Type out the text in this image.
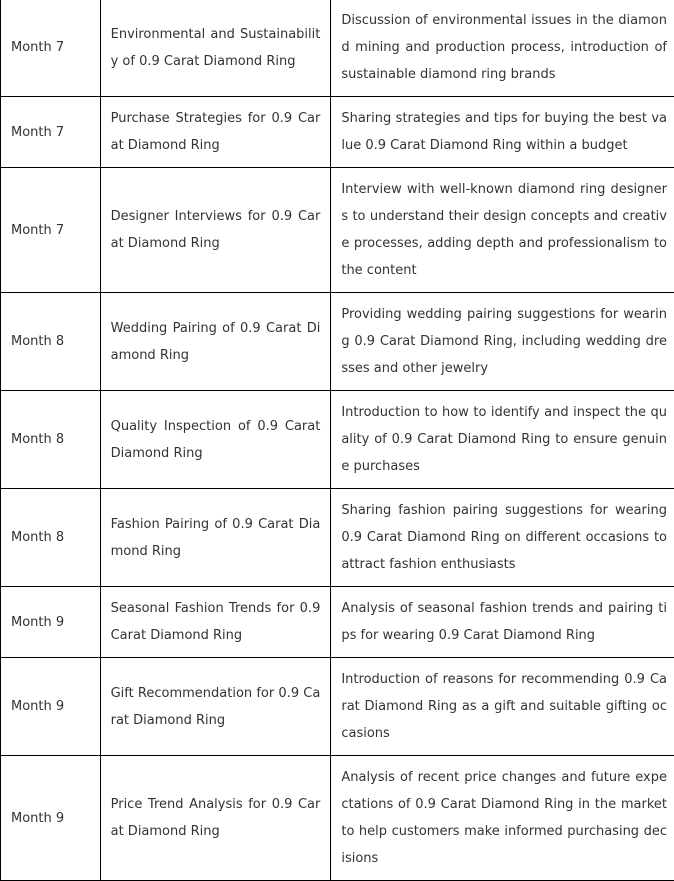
Month 7	Environmental and Sustainability of 0.9 Carat Diamond Ring	Discussion of environmental issues in the diamond mining and production process, introduction of sustainable diamond ring brands
Month 7	Purchase Strategies for 0.9 Carat Diamond Ring	Sharing strategies and tips for buying the best value 0.9 Carat Diamond Ring within a budget
Month 7	Designer Interviews for 0.9 Carat Diamond Ring	Interview with well-known diamond ring designers to understand their design concepts and creative processes, adding depth and professionalism to the content
Month 8	Wedding Pairing of 0.9 Carat Diamond Ring	Providing wedding pairing suggestions for wearing 0.9 Carat Diamond Ring, including wedding dresses and other jewelry
Month 8	Quality Inspection of 0.9 Carat Diamond Ring	Introduction to how to identify and inspect the quality of 0.9 Carat Diamond Ring to ensure genuine purchases
Month 8	Fashion Pairing of 0.9 Carat Diamond Ring	Sharing fashion pairing suggestions for wearing 0.9 Carat Diamond Ring on different occasions to attract fashion enthusiasts
Month 9	Seasonal Fashion Trends for 0.9 Carat Diamond Ring	Analysis of seasonal fashion trends and pairing tips for wearing 0.9 Carat Diamond Ring
Month 9	Gift Recommendation for 0.9 Carat Diamond Ring	Introduction of reasons for recommending 0.9 Carat Diamond Ring as a gift and suitable gifting occasions
Month 9	Price Trend Analysis for 0.9 Carat Diamond Ring	Analysis of recent price changes and future expectations of 0.9 Carat Diamond Ring in the market to help customers make informed purchasing decisions
